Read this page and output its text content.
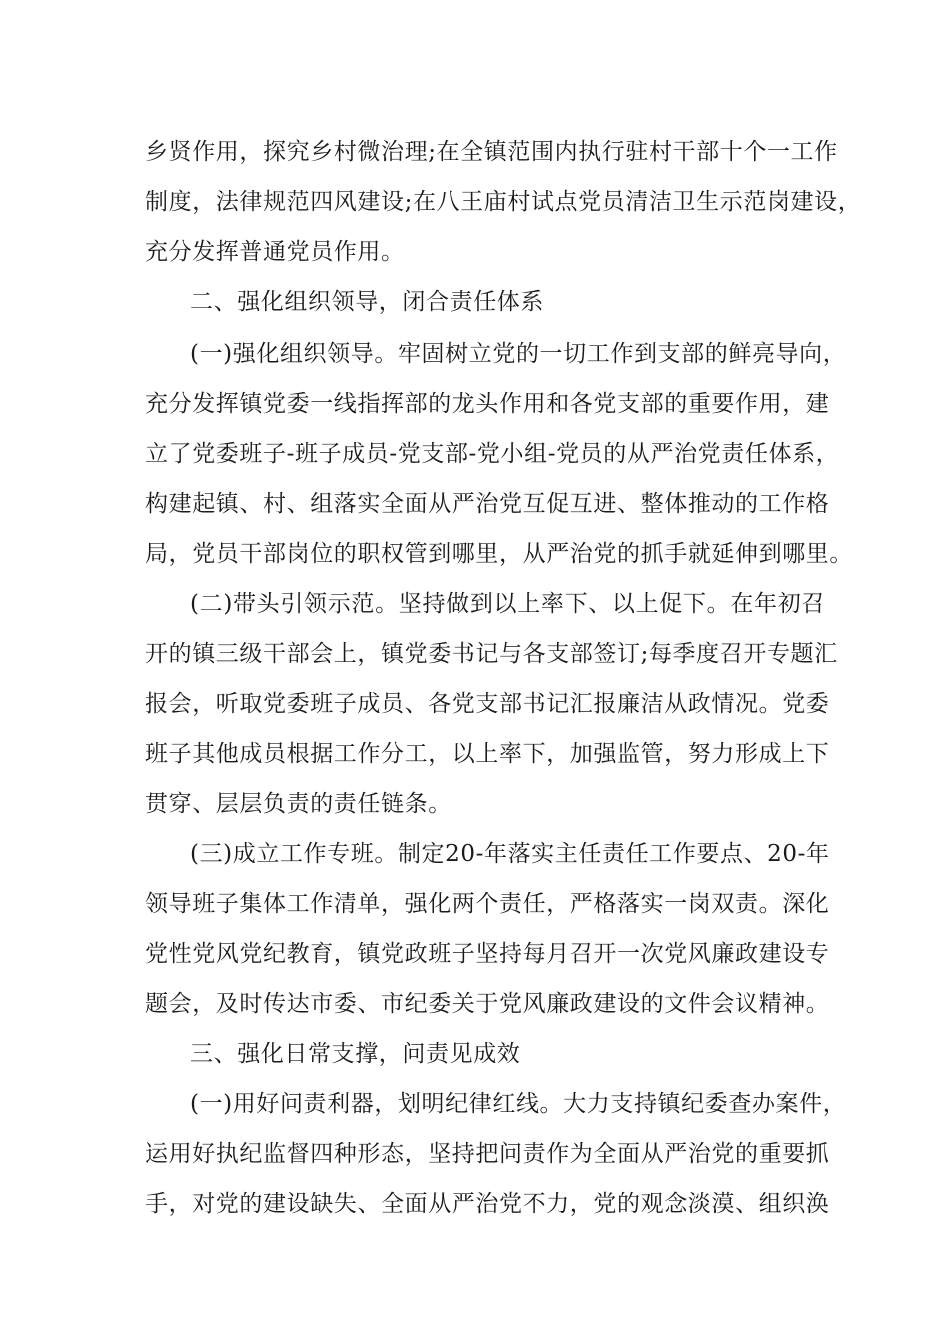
乡贤作用，探究乡村微治理;在全镇范围内执行驻村干部十个一工作
制度，法律规范四风建设;在八王庙村试点党员清洁卫生示范岗建设，
充分发挥普通党员作用。
二、强化组织领导，闭合责任体系
(一)强化组织领导。牢固树立党的一切工作到支部的鲜亮导向，
充分发挥镇党委一线指挥部的龙头作用和各党支部的重要作用，建
立了党委班子-班子成员-党支部-党小组-党员的从严治党责任体系，
构建起镇、村、组落实全面从严治党互促互进、整体推动的工作格
局，党员干部岗位的职权管到哪里，从严治党的抓手就延伸到哪里。
(二)带头引领示范。坚持做到以上率下、以上促下。在年初召
开的镇三级干部会上，镇党委书记与各支部签订;每季度召开专题汇
报会，听取党委班子成员、各党支部书记汇报廉洁从政情况。党委
班子其他成员根据工作分工，以上率下，加强监管，努力形成上下
贯穿、层层负责的责任链条。
(三)成立工作专班。制定20-年落实主任责任工作要点、20-年
领导班子集体工作清单，强化两个责任，严格落实一岗双责。深化
党性党风党纪教育，镇党政班子坚持每月召开一次党风廉政建设专
题会，及时传达市委、市纪委关于党风廉政建设的文件会议精神。
三、强化日常支撑，问责见成效
(一)用好问责利器，划明纪律红线。大力支持镇纪委查办案件，
运用好执纪监督四种形态，坚持把问责作为全面从严治党的重要抓
手，对党的建设缺失、全面从严治党不力，党的观念淡漠、组织涣
